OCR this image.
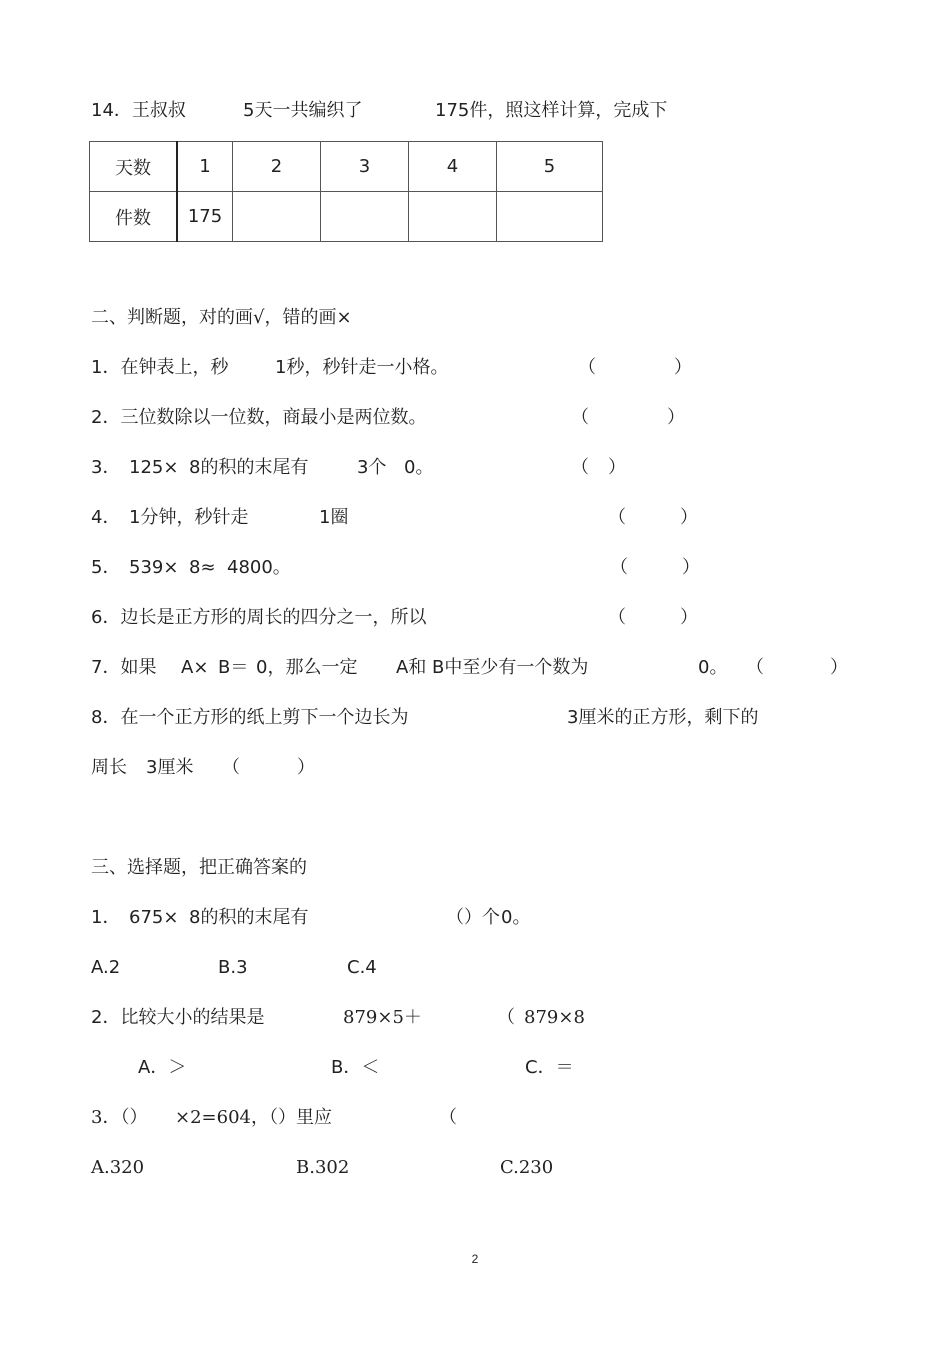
14．王叔叔	5天一共编织了	175件，照这样计算，完成下
天数	1	2	3	4	5
件数	175				
二、判断题，对的画√，错的画×
1．在钟表上，秒	1秒，秒针走一小格。	（	）
2．三位数除以一位数，商最小是两位数。	（	）
3． 125× 8的积的末尾有	3个 0。	（ ）
4． 1分钟，秒针走	1圈	（	）
5． 539× 8≈ 4800。	（	）
6．边长是正方形的周长的四分之一，所以	（	）
7．如果 A× B＝ 0，那么一定 A和 B中至少有一个数为	0。 （	）
8．在一个正方形的纸上剪下一个边长为	3厘米的正方形，剩下的
周长 3厘米 （	）
三、选择题，把正确答案的
1． 675× 8的积的末尾有	（）个 0。
A.2	B.3	C.4
2．比较大小的结果是	879×5＋	（ 879×8
A．＞	B．＜	C．＝
3．（） ×2=604，（）里应	（
A.320	B.302	C.230
2
